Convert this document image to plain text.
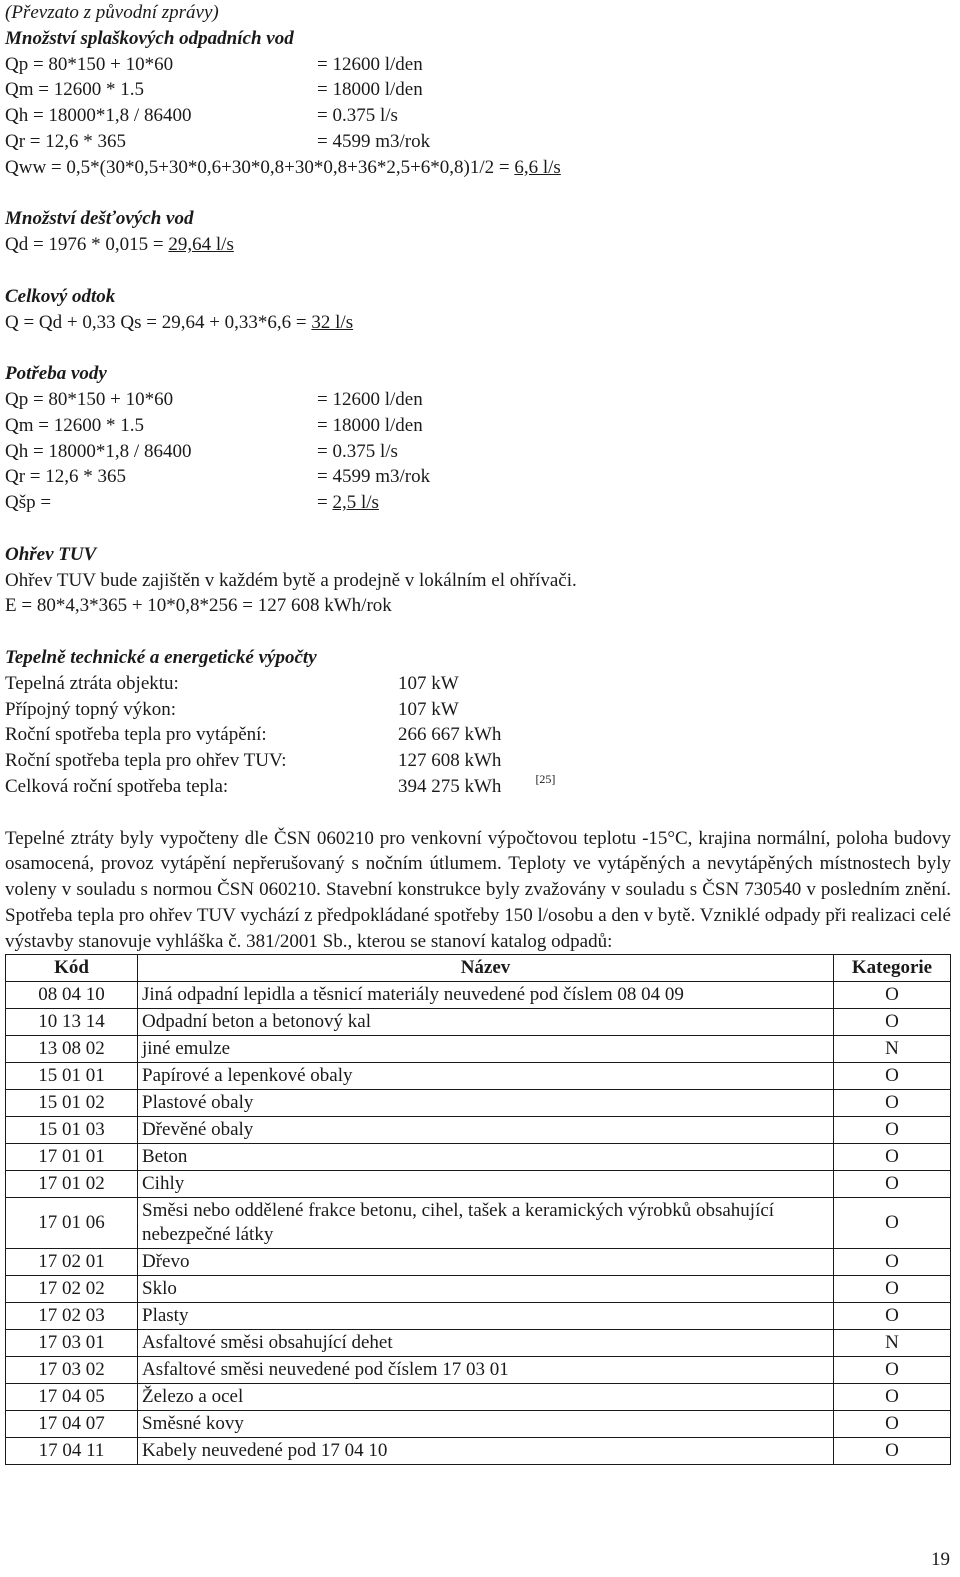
(Převzato z původní zprávy)
Množství splaškových odpadních vod
Qp = 80*150 + 10*60	= 12600 l/den
Qm = 12600 * 1.5	= 18000 l/den
Qh = 18000*1,8 / 86400	= 0.375 l/s
Qr = 12,6 * 365	= 4599 m3/rok
Qww = 0,5*(30*0,5+30*0,6+30*0,8+30*0,8+36*2,5+6*0,8)1/2 = 6,6 l/s
Množství dešťových vod
Qd = 1976 * 0,015 = 29,64 l/s
Celkový odtok
Q = Qd + 0,33 Qs = 29,64 + 0,33*6,6 = 32 l/s
Potřeba vody
Qp = 80*150 + 10*60	= 12600 l/den
Qm = 12600 * 1.5	= 18000 l/den
Qh = 18000*1,8 / 86400	= 0.375 l/s
Qr = 12,6 * 365	= 4599 m3/rok
Qšp =	= 2,5 l/s
Ohřev TUV
Ohřev TUV bude zajištěn v každém bytě a prodejně v lokálním el ohřívači.
E = 80*4,3*365 + 10*0,8*256 = 127 608 kWh/rok
Tepelně technické a energetické výpočty
Tepelná ztráta objektu:	107 kW
Přípojný topný výkon:	107 kW
Roční spotřeba tepla pro vytápění:	266 667 kWh
Roční spotřeba tepla pro ohřev TUV:	127 608 kWh
Celková roční spotřeba tepla:	394 275 kWh	[25]

Tepelné ztráty byly vypočteny dle ČSN 060210 pro venkovní výpočtovou teplotu -15°C, krajina normální, poloha budovy osamocená, provoz vytápění nepřerušovaný s nočním útlumem. Teploty ve vytápěných a nevytápěných místnostech byly voleny v souladu s normou ČSN 060210. Stavební konstrukce byly zvažovány v souladu s ČSN 730540 v posledním znění. Spotřeba tepla pro ohřev TUV vychází z předpokládané spotřeby 150 l/osobu a den v bytě. Vzniklé odpady při realizaci celé výstavby stanovuje vyhláška č. 381/2001 Sb., kterou se stanoví katalog odpadů:

Kód	Název	Kategorie
08 04 10	Jiná odpadní lepidla a těsnicí materiály neuvedené pod číslem 08 04 09	O
10 13 14	Odpadní beton a betonový kal	O
13 08 02	jiné emulze	N
15 01 01	Papírové a lepenkové obaly	O
15 01 02	Plastové obaly	O
15 01 03	Dřevěné obaly	O
17 01 01	Beton	O
17 01 02	Cihly	O
17 01 06	Směsi nebo oddělené frakce betonu, cihel, tašek a keramických výrobků obsahující nebezpečné látky	O
17 02 01	Dřevo	O
17 02 02	Sklo	O
17 02 03	Plasty	O
17 03 01	Asfaltové směsi obsahující dehet	N
17 03 02	Asfaltové směsi neuvedené pod číslem 17 03 01	O
17 04 05	Železo a ocel	O
17 04 07	Směsné kovy	O
17 04 11	Kabely neuvedené pod 17 04 10	O
19
